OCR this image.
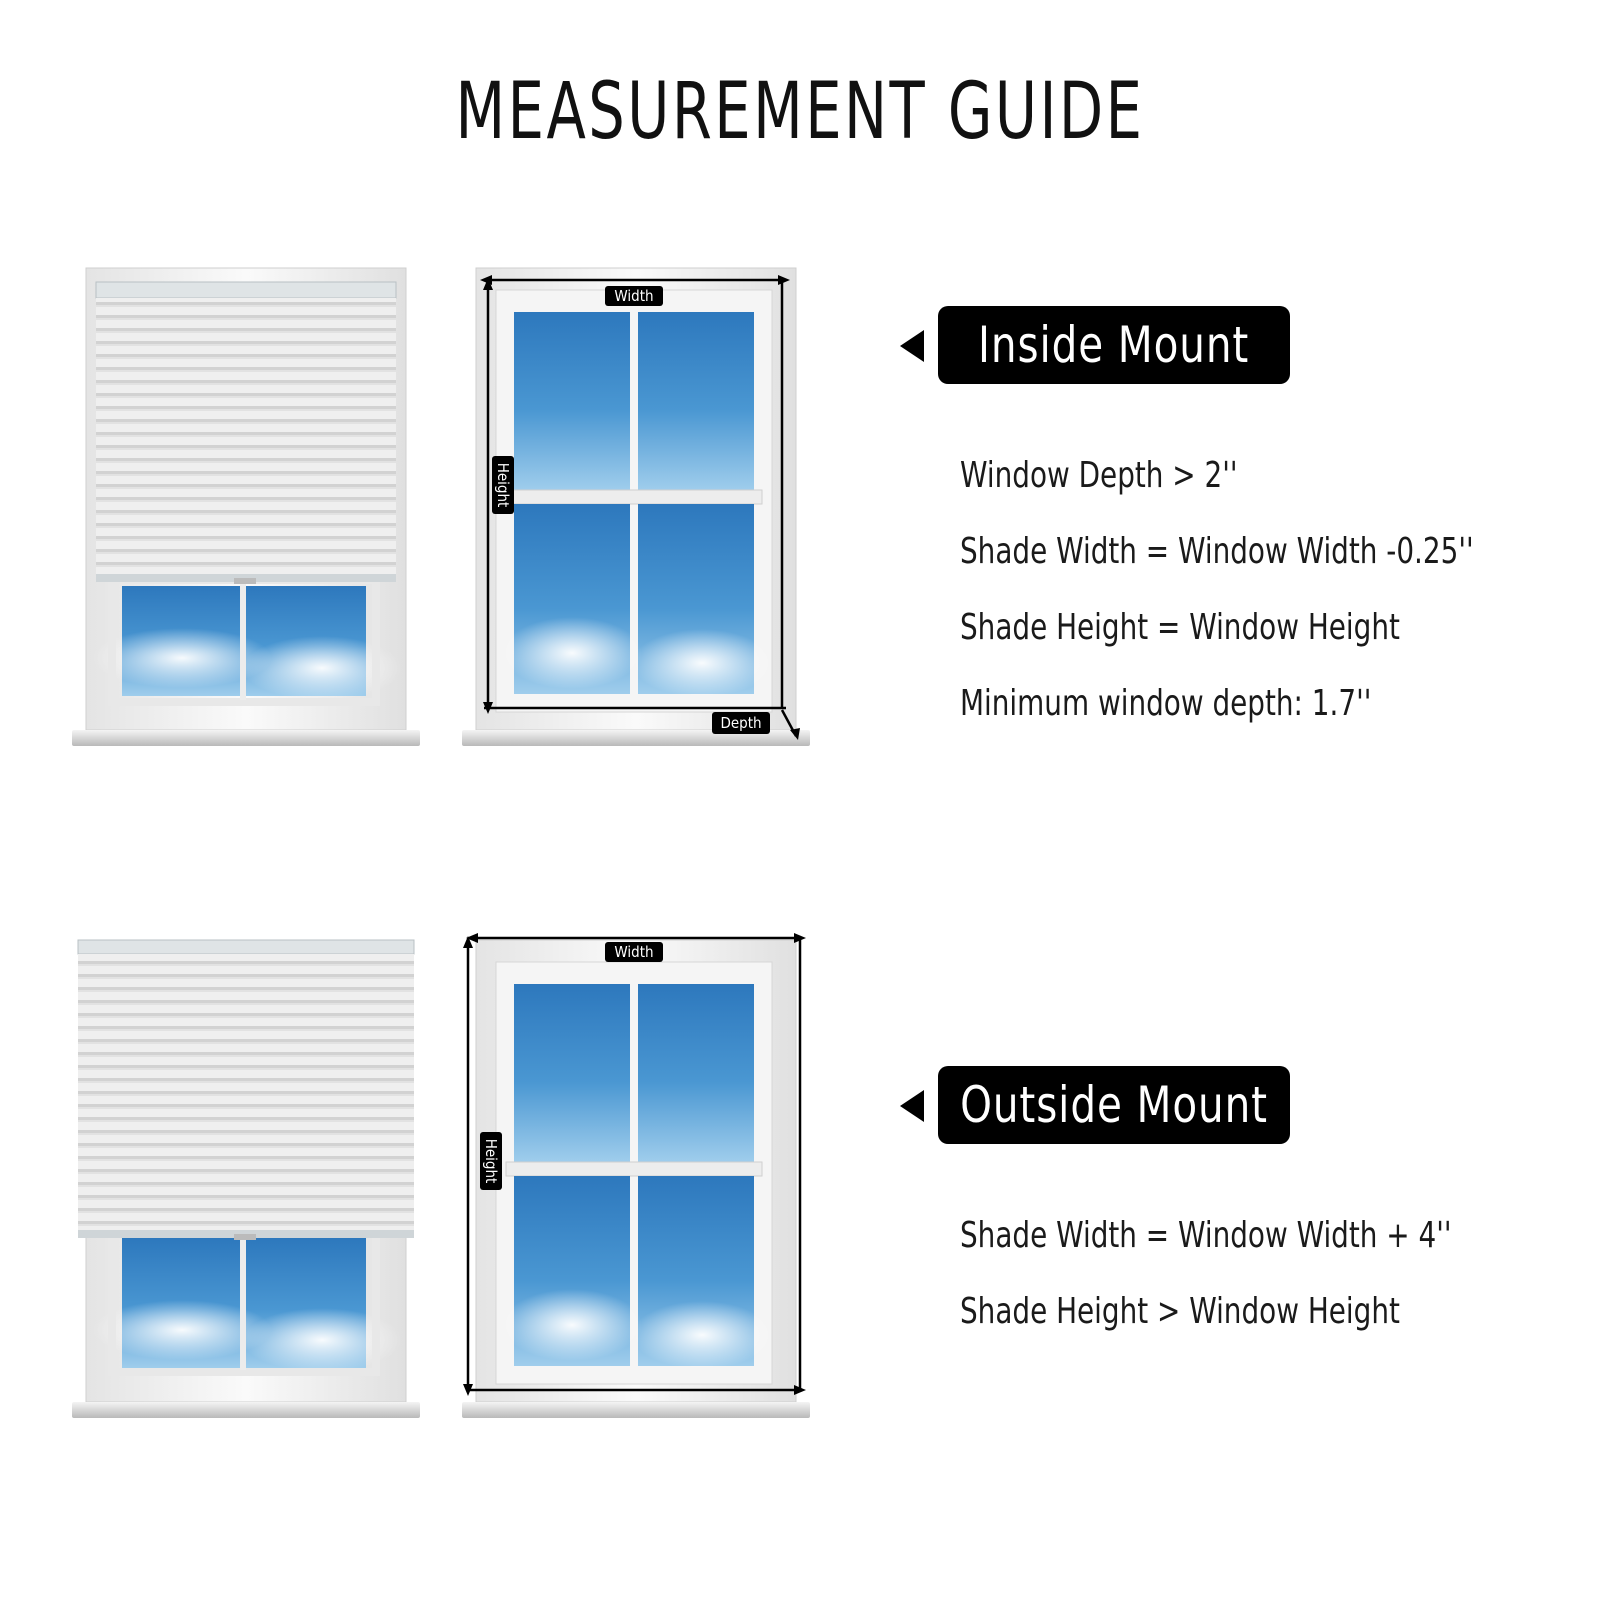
MEASUREMENT GUIDE
Width
Height
Depth
Width
Height
Inside Mount
Window Depth > 2''
Shade Width = Window Width -0.25''
Shade Height = Window Height
Minimum window depth: 1.7''
Outside Mount
Shade Width = Window Width + 4''
Shade Height > Window Height
